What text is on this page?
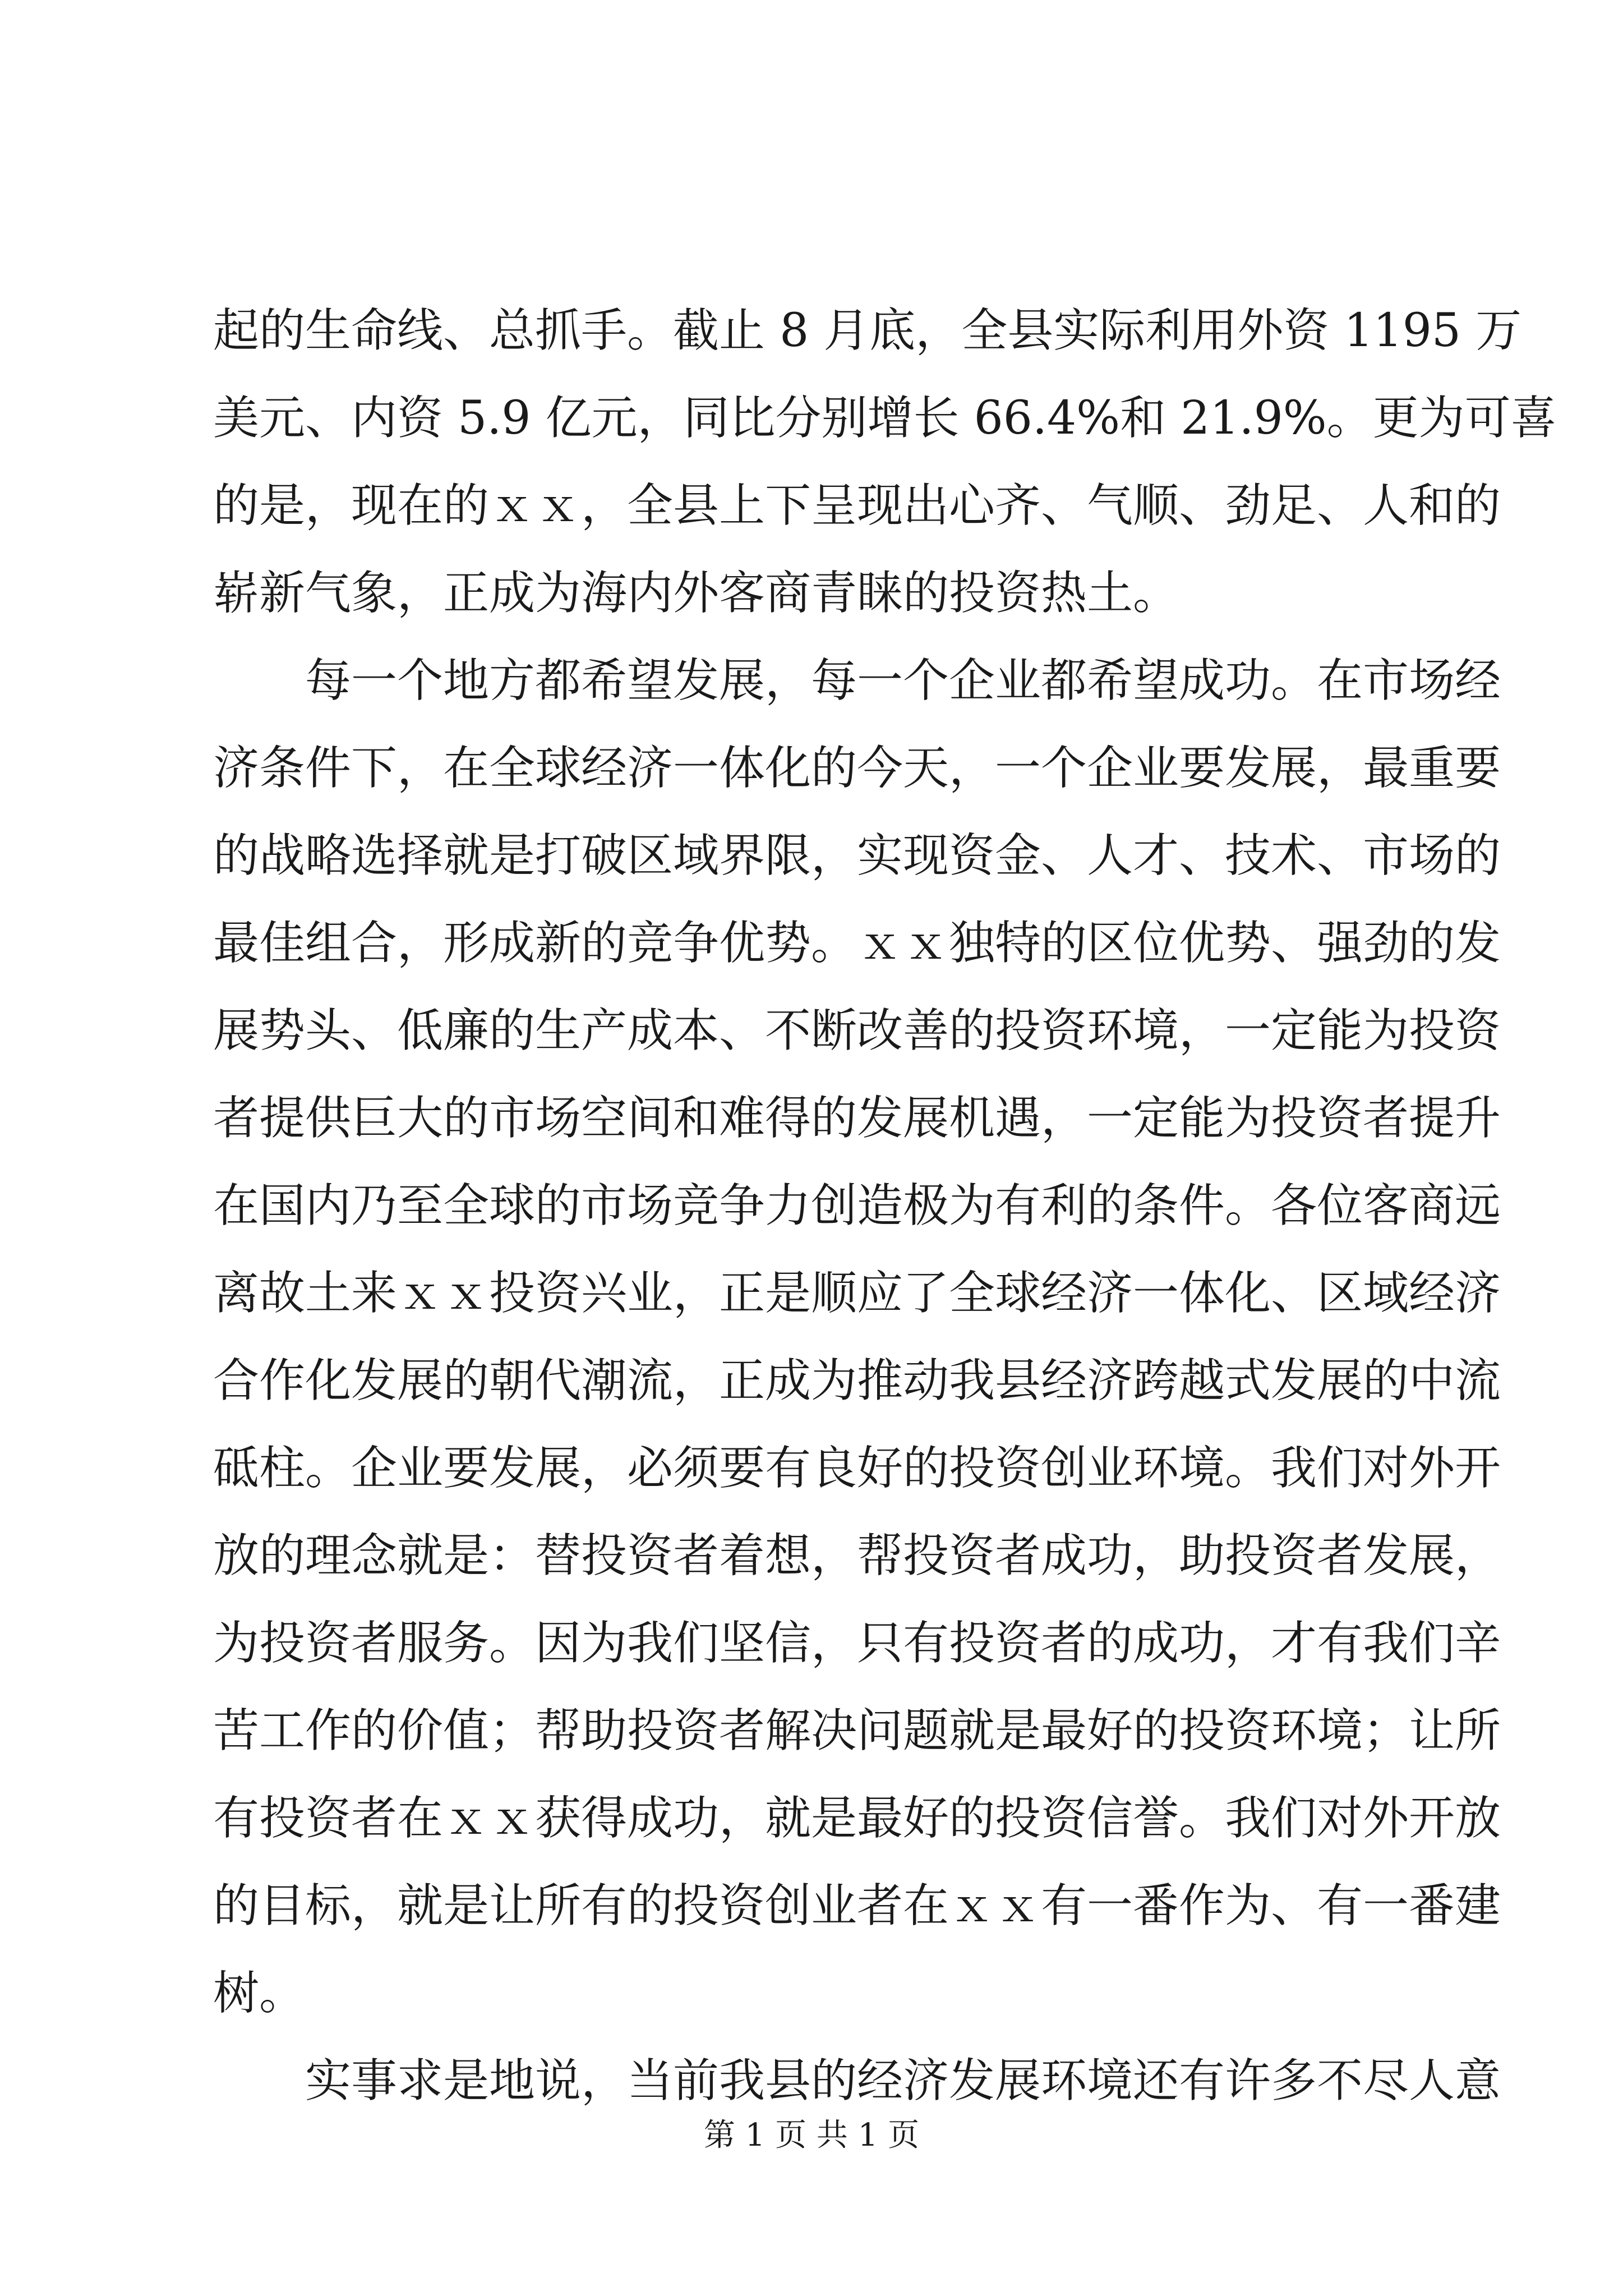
起的生命线、总抓手。截止 8 月底，全县实际利用外资 1195 万

美元、内资 5.9 亿元，同比分别增长 66.4%和 21.9%。更为可喜

的是，现在的ｘｘ，全县上下呈现出心齐、气顺、劲足、人和的

崭新气象，正成为海内外客商青睐的投资热土。

每一个地方都希望发展，每一个企业都希望成功。在市场经

济条件下，在全球经济一体化的今天，一个企业要发展，最重要

的战略选择就是打破区域界限，实现资金、人才、技术、市场的

最佳组合，形成新的竞争优势。ｘｘ独特的区位优势、强劲的发

展势头、低廉的生产成本、不断改善的投资环境，一定能为投资

者提供巨大的市场空间和难得的发展机遇，一定能为投资者提升

在国内乃至全球的市场竞争力创造极为有利的条件。各位客商远

离故土来ｘｘ投资兴业，正是顺应了全球经济一体化、区域经济

合作化发展的朝代潮流，正成为推动我县经济跨越式发展的中流

砥柱。企业要发展，必须要有良好的投资创业环境。我们对外开

放的理念就是：替投资者着想，帮投资者成功，助投资者发展，

为投资者服务。因为我们坚信，只有投资者的成功，才有我们辛

苦工作的价值；帮助投资者解决问题就是最好的投资环境；让所

有投资者在ｘｘ获得成功，就是最好的投资信誉。我们对外开放

的目标，就是让所有的投资创业者在ｘｘ有一番作为、有一番建

树。

实事求是地说，当前我县的经济发展环境还有许多不尽人意

第 1 页 共 1 页
